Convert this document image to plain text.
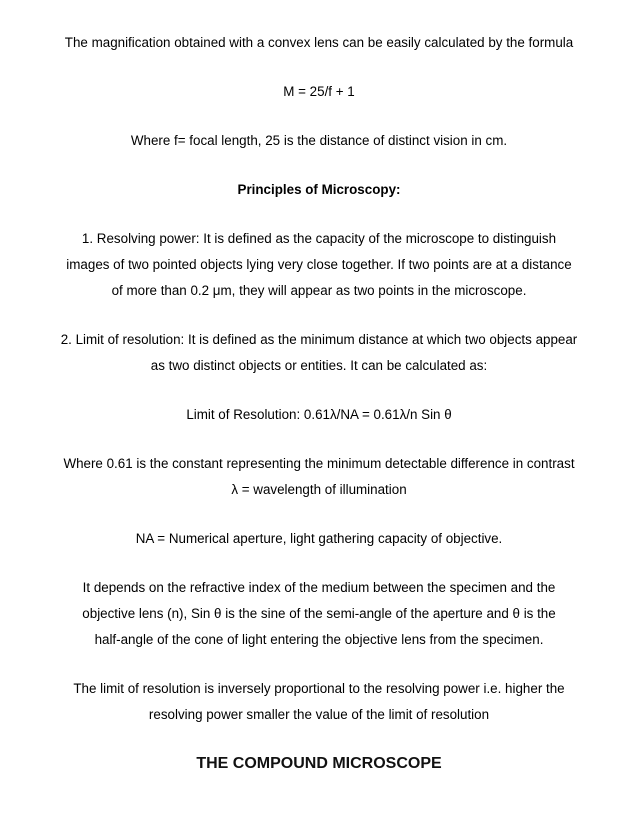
The magnification obtained with a convex lens can be easily calculated by the formula

M = 25/f + 1

Where f= focal length, 25 is the distance of distinct vision in cm.

Principles of Microscopy:

1. Resolving power: It is defined as the capacity of the microscope to distinguish
images of two pointed objects lying very close together. If two points are at a distance
of more than 0.2 μm, they will appear as two points in the microscope.

2. Limit of resolution: It is defined as the minimum distance at which two objects appear
as two distinct objects or entities. It can be calculated as:

Limit of Resolution: 0.61λ/NA = 0.61λ/n Sin θ

Where 0.61 is the constant representing the minimum detectable difference in contrast
λ = wavelength of illumination

NA = Numerical aperture, light gathering capacity of objective.

It depends on the refractive index of the medium between the specimen and the
objective lens (n), Sin θ is the sine of the semi-angle of the aperture and θ is the
half-angle of the cone of light entering the objective lens from the specimen.

The limit of resolution is inversely proportional to the resolving power i.e. higher the
resolving power smaller the value of the limit of resolution

THE COMPOUND MICROSCOPE
